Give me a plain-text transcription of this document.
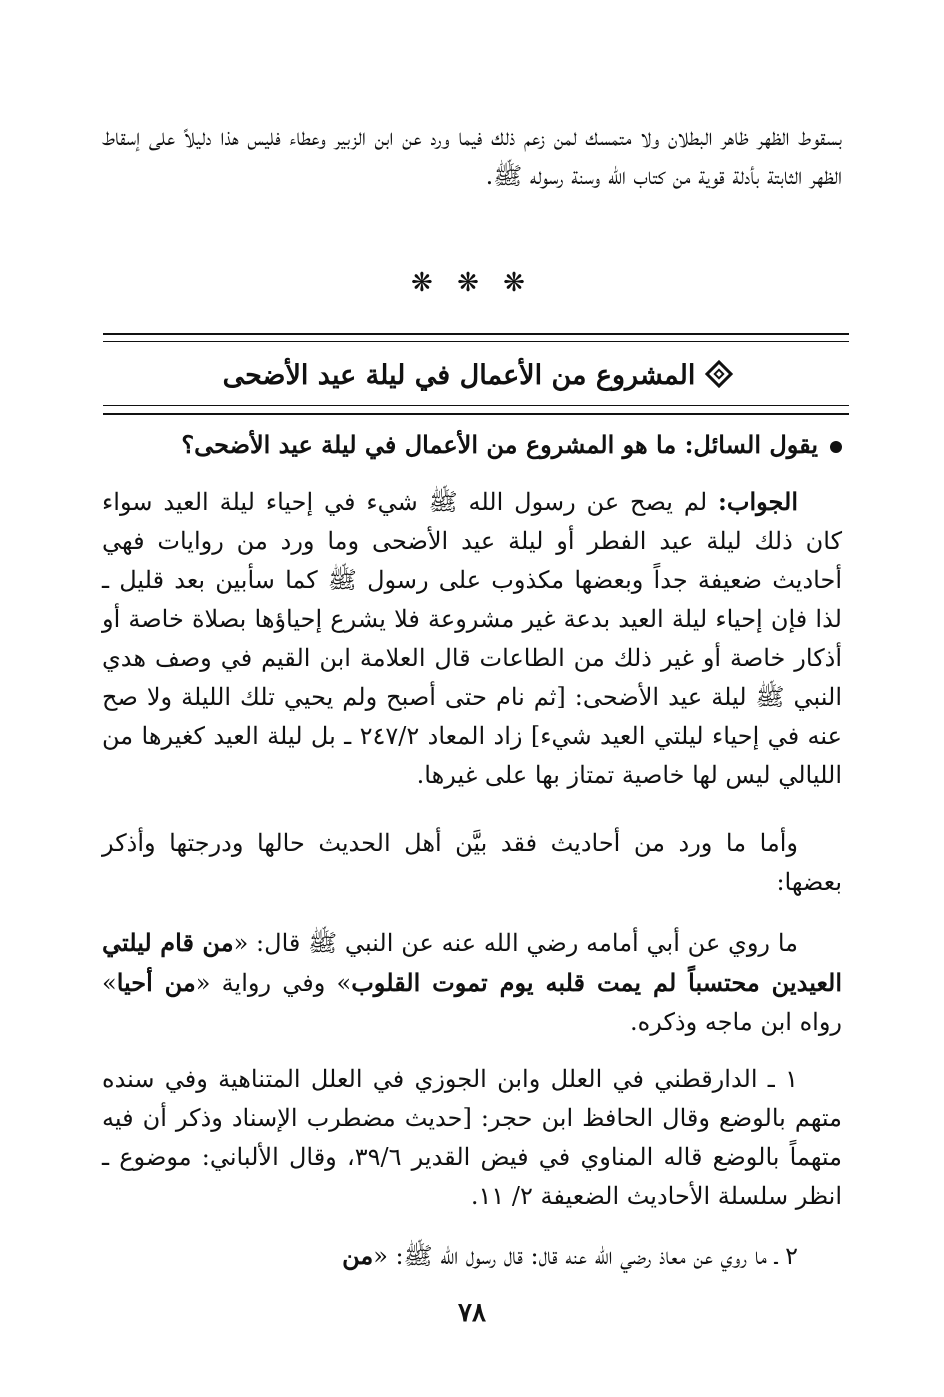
بسقوط الظهر ظاهر البطلان ولا متمسك لمن زعم ذلك فيما ورد عن ابن الزبير وعطاء فليس هذا دليلاً على إسقاط الظهر الثابتة بأدلة قوية من كتاب الله وسنة رسوله ﷺ.

❋ ❋ ❋
المشروع من الأعمال في ليلة عيد الأضحى
يقول السائل: ما هو المشروع من الأعمال في ليلة عيد الأضحى؟

الجواب: لم يصح عن رسول الله ﷺ شيء في إحياء ليلة العيد سواء كان ذلك ليلة عيد الفطر أو ليلة عيد الأضحى وما ورد من روايات فهي أحاديث ضعيفة جداً وبعضها مكذوب على رسول ﷺ كما سأبين بعد قليل ـ لذا فإن إحياء ليلة العيد بدعة غير مشروعة فلا يشرع إحياؤها بصلاة خاصة أو أذكار خاصة أو غير ذلك من الطاعات قال العلامة ابن القيم في وصف هدي النبي ﷺ ليلة عيد الأضحى: [ثم نام حتى أصبح ولم يحيي تلك الليلة ولا صح عنه في إحياء ليلتي العيد شيء] زاد المعاد ٢٤٧/٢ ـ بل ليلة العيد كغيرها من الليالي ليس لها خاصية تمتاز بها على غيرها.

وأما ما ورد من أحاديث فقد بيَّن أهل الحديث حالها ودرجتها وأذكر بعضها:

ما روي عن أبي أمامه رضي الله عنه عن النبي ﷺ قال: «من قام ليلتي العيدين محتسباً لم يمت قلبه يوم تموت القلوب» وفي رواية «من أحيا» رواه ابن ماجه وذكره.

١ ـ الدارقطني في العلل وابن الجوزي في العلل المتناهية وفي سنده متهم بالوضع وقال الحافظ ابن حجر: [حديث مضطرب الإسناد وذكر أن فيه متهماً بالوضع قاله المناوي في فيض القدير ٣٩/٦، وقال الألباني: موضوع ـ انظر سلسلة الأحاديث الضعيفة ٢/ ١١.

٢ ـ ما روي عن معاذ رضي الله عنه قال: قال رسول الله ﷺ: «من

٧٨
